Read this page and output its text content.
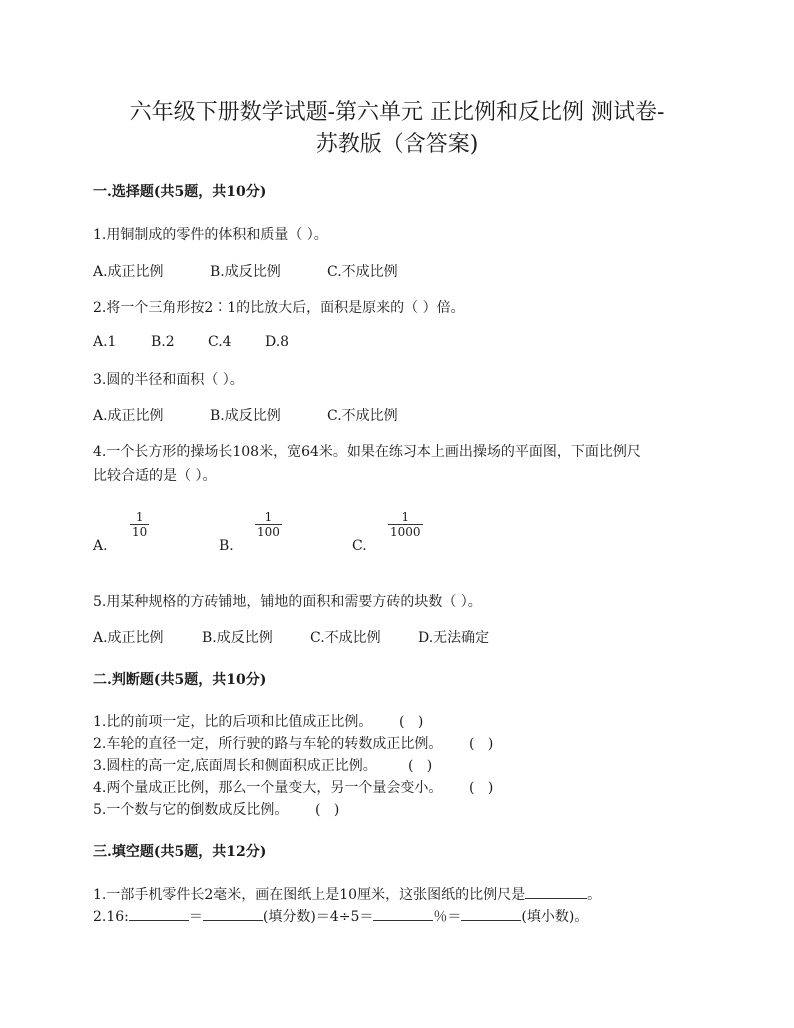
六年级下册数学试题-第六单元 正比例和反比例 测试卷-
苏教版（含答案)
一.选择题(共5题，共10分)
1.用铜制成的零件的体积和质量（ ）。
A.成正比例	B.成反比例	C.不成比例
2.将一个三角形按2∶1的比放大后，面积是原来的（ ）倍。
A.1 B.2 C.4 D.8
3.圆的半径和面积（ ）。
A.成正比例	B.成反比例	C.不成比例
4.一个长方形的操场长108米，宽64米。如果在练习本上画出操场的平面图，下面比例尺
比较合适的是（ ）。
A.
$\frac{1}{10}$
B.
$\frac{1}{100}$
C.
$\frac{1}{1000}$
5.用某种规格的方砖铺地，铺地的面积和需要方砖的块数（ ）。
A.成正比例	B.成反比例	C.不成比例	D.无法确定
二.判断题(共5题，共10分)
1.比的前项一定，比的后项和比值成正比例。      (   )
2.车轮的直径一定，所行驶的路与车轮的转数成正比例。      (   )
3.圆柱的高一定,底面周长和侧面积成正比例。       (   )
4.两个量成正比例，那么一个量变大，另一个量会变小。      (   )
5.一个数与它的倒数成反比例。      (   )
三.填空题(共5题，共12分)
1.一部手机零件长2毫米，画在图纸上是10厘米，这张图纸的比例尺是	。
2.16:	＝	(填分数)＝4÷5＝	％＝	(填小数)。
